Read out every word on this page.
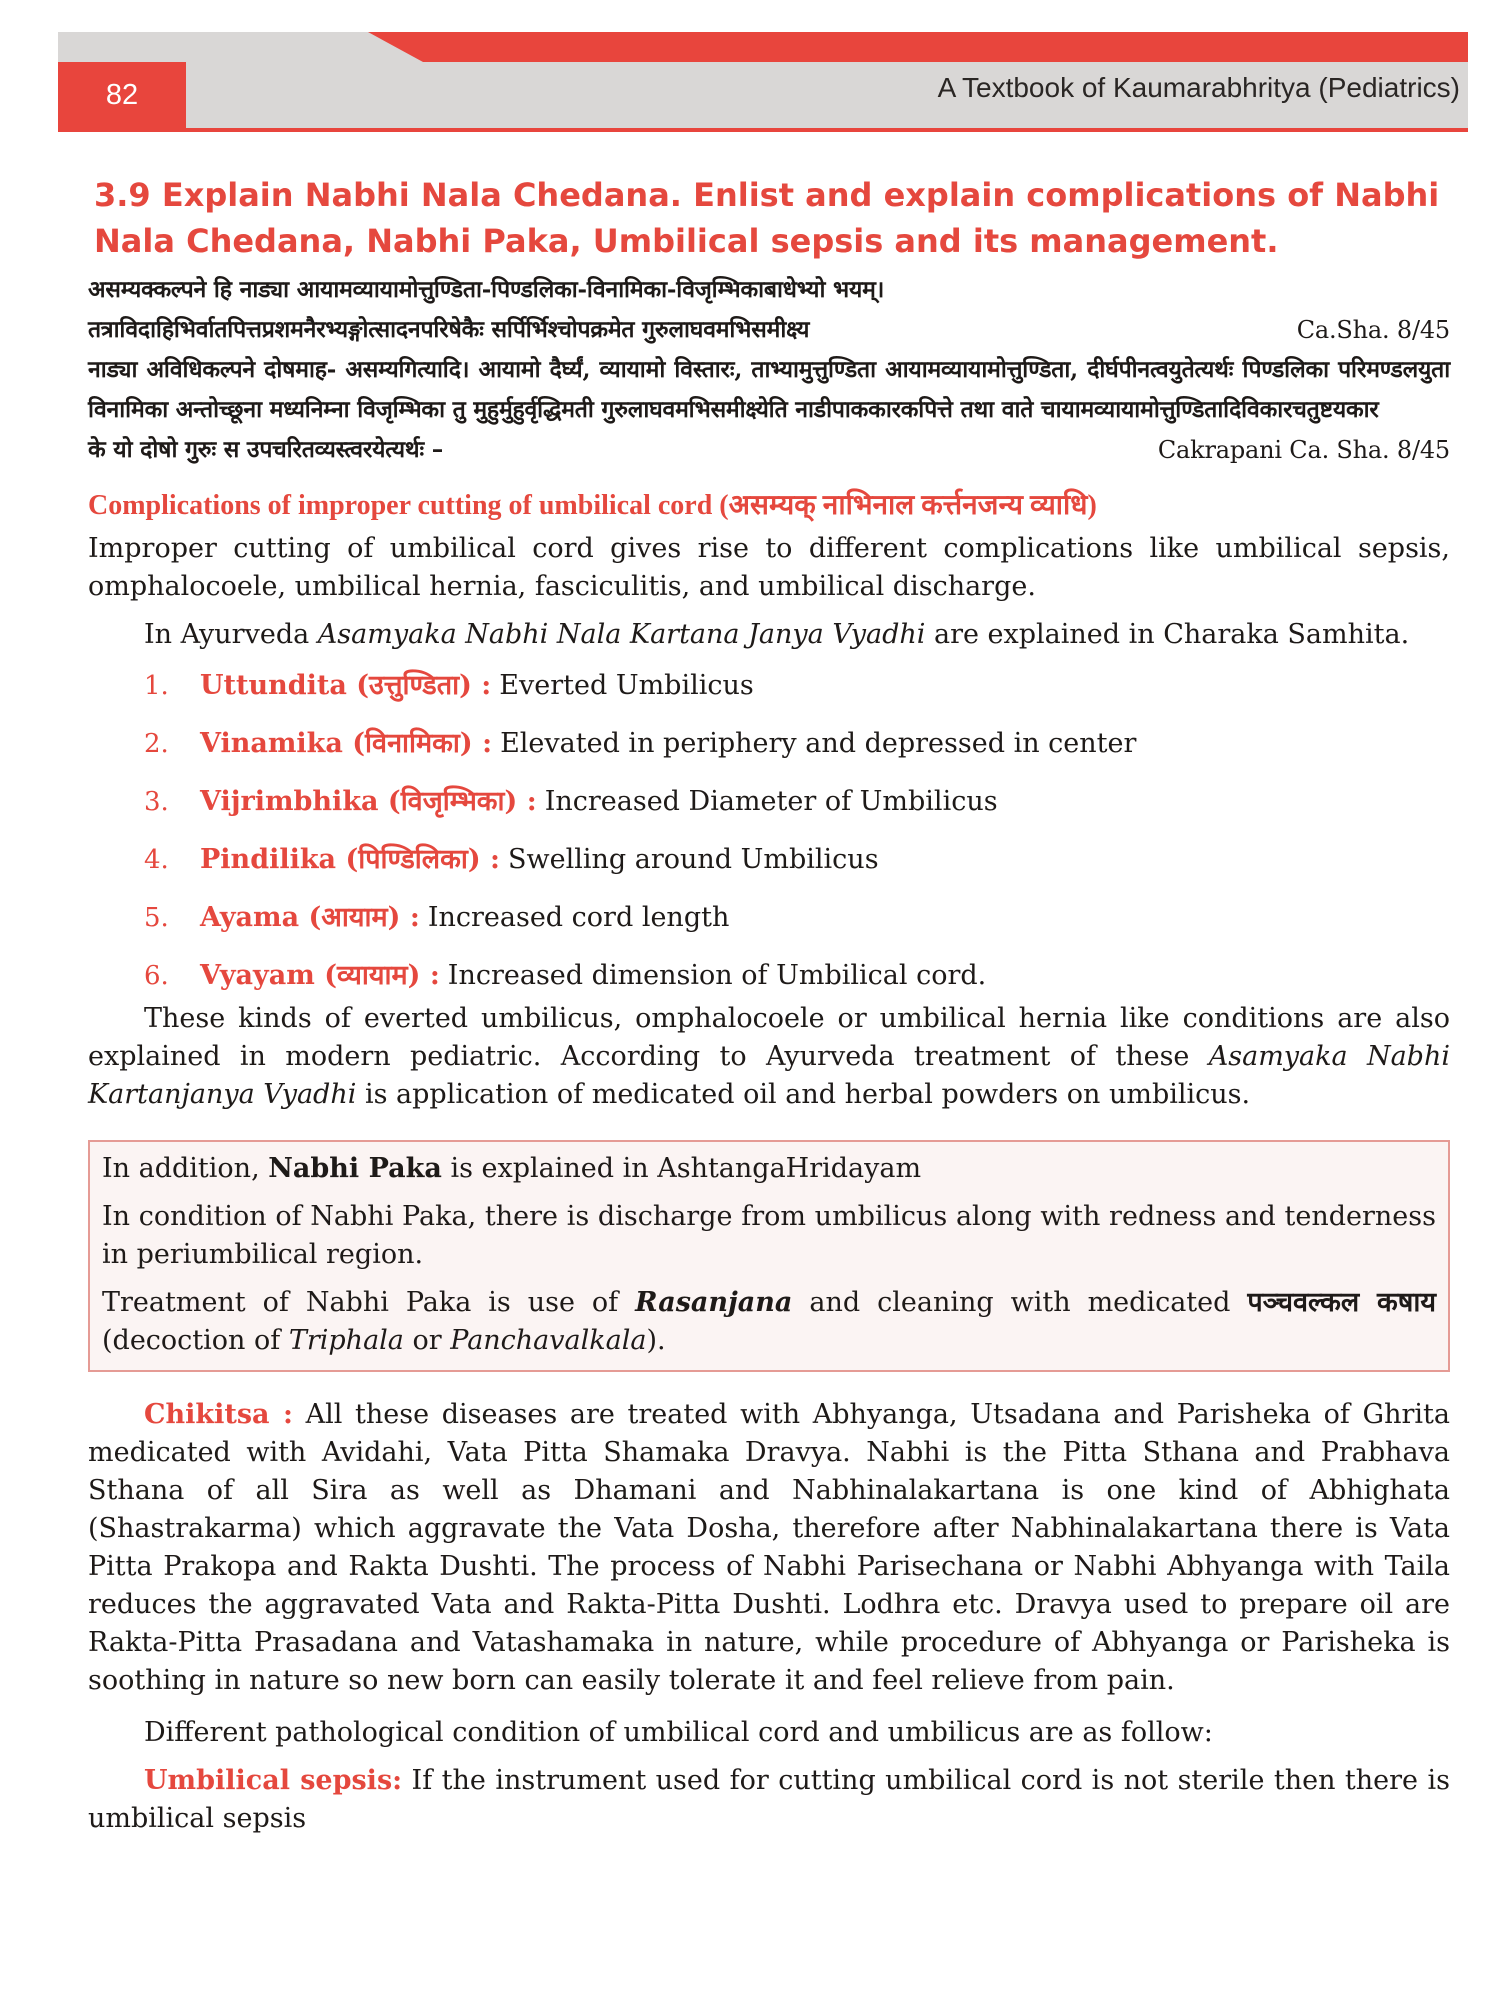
82	A Textbook of Kaumarabhritya (Pediatrics)
3.9 Explain Nabhi Nala Chedana. Enlist and explain complications of Nabhi Nala Chedana, Nabhi Paka, Umbilical sepsis and its management.

असम्यक्कल्पने हि नाड्या आयामव्यायामोत्तुण्डिता-पिण्डलिका-विनामिका-विजृम्भिकाबाधेभ्यो भयम्।

तत्राविदाहिभिर्वातपित्तप्रशमनैरभ्यङ्गोत्सादनपरिषेकैः सर्पिर्भिश्चोपक्रमेत गुरुलाघवमभिसमीक्ष्य	Ca.Sha. 8/45

नाड्या अविधिकल्पने दोषमाह- असम्यगित्यादि। आयामो दैर्घ्यं, व्यायामो विस्तारः, ताभ्यामुत्तुण्डिता आयामव्यायामोत्तुण्डिता, दीर्घपीनत्वयुतेत्यर्थः पिण्डलिका परिमण्डलयुता विनामिका अन्तोच्छूना मध्यनिम्ना विजृम्भिका तु मुहुर्मुहुर्वृद्धिमती गुरुलाघवमभिसमीक्ष्येति नाडीपाककारकपित्ते तथा वाते चायामव्यायामोत्तुण्डितादिविकारचतुष्टयकार

के यो दोषो गुरुः स उपचरितव्यस्त्वरयेत्यर्थः –	Cakrapani Ca. Sha. 8/45

Complications of improper cutting of umbilical cord (असम्यक् नाभिनाल कर्त्तनजन्य व्याधि)

Improper cutting of umbilical cord gives rise to different complications like umbilical sepsis, omphalocoele, umbilical hernia, fasciculitis, and umbilical discharge.

In Ayurveda Asamyaka Nabhi Nala Kartana Janya Vyadhi are explained in Charaka Samhita.

1.	Uttundita (उत्तुण्डिता) : Everted Umbilicus
2.	Vinamika (विनामिका) : Elevated in periphery and depressed in center
3.	Vijrimbhika (विजृम्भिका) : Increased Diameter of Umbilicus
4.	Pindilika (पिण्डिलिका) : Swelling around Umbilicus
5.	Ayama (आयाम) : Increased cord length
6.	Vyayam (व्यायाम) : Increased dimension of Umbilical cord.

These kinds of everted umbilicus, omphalocoele or umbilical hernia like conditions are also explained in modern pediatric. According to Ayurveda treatment of these Asamyaka Nabhi Kartanjanya Vyadhi is application of medicated oil and herbal powders on umbilicus.

In addition, Nabhi Paka is explained in AshtangaHridayam

In condition of Nabhi Paka, there is discharge from umbilicus along with redness and tenderness in periumbilical region.

Treatment of Nabhi Paka is use of Rasanjana and cleaning with medicated पञ्चवल्कल कषाय (decoction of Triphala or Panchavalkala).

Chikitsa : All these diseases are treated with Abhyanga, Utsadana and Parisheka of Ghrita medicated with Avidahi, Vata Pitta Shamaka Dravya. Nabhi is the Pitta Sthana and Prabhava Sthana of all Sira as well as Dhamani and Nabhinalakartana is one kind of Abhighata (Shastrakarma) which aggravate the Vata Dosha, therefore after Nabhinalakartana there is Vata Pitta Prakopa and Rakta Dushti. The process of Nabhi Parisechana or Nabhi Abhyanga with Taila reduces the aggravated Vata and Rakta-Pitta Dushti. Lodhra etc. Dravya used to prepare oil are Rakta-Pitta Prasadana and Vatashamaka in nature, while procedure of Abhyanga or Parisheka is soothing in nature so new born can easily tolerate it and feel relieve from pain.

Different pathological condition of umbilical cord and umbilicus are as follow:

Umbilical sepsis: If the instrument used for cutting umbilical cord is not sterile then there is umbilical sepsis
